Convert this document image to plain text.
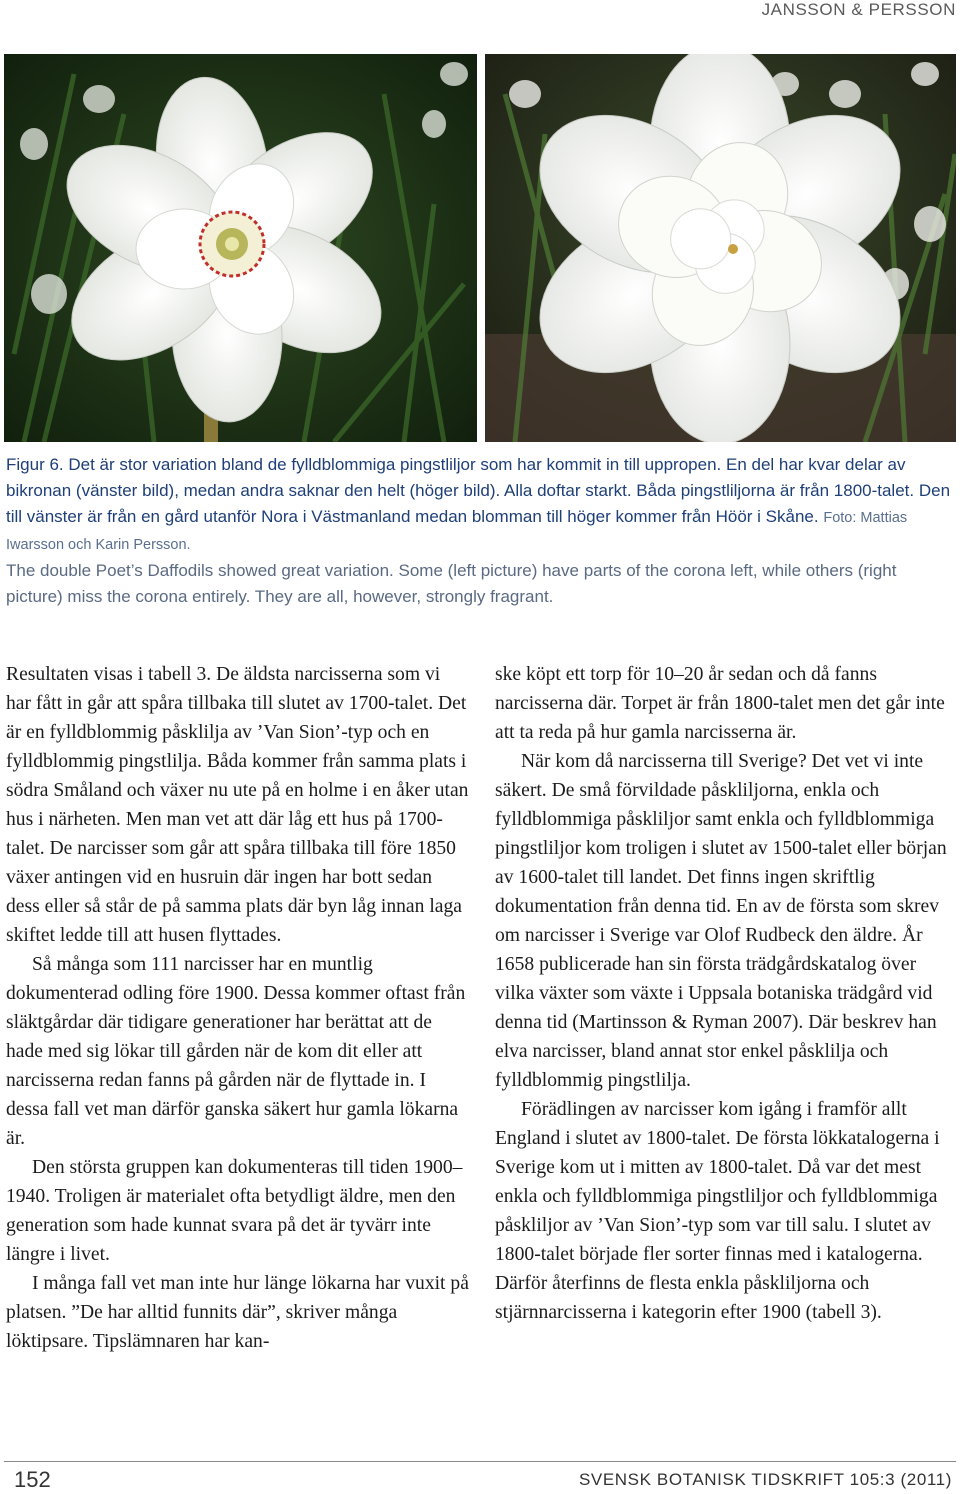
JANSSON & PERSSON

Figur 6. Det är stor variation bland de fylldblommiga pingstliljor som har kommit in till uppropen. En del har kvar delar av bikronan (vänster bild), medan andra saknar den helt (höger bild). Alla doftar starkt. Båda pingstliljorna är från 1800-talet. Den till vänster är från en gård utanför Nora i Västmanland medan blomman till höger kommer från Höör i Skåne. Foto: Mattias Iwarsson och Karin Persson.

The double Poet’s Daffodils showed great variation. Some (left picture) have parts of the corona left, while others (right picture) miss the corona entirely. They are all, however, strongly fragrant.

Resultaten visas i tabell 3. De äldsta narcisserna som vi har fått in går att spåra tillbaka till slutet av 1700-talet. Det är en fylldblommig påsklilja av ’Van Sion’-typ och en fylldblommig pingstlilja. Båda kommer från samma plats i södra Småland och växer nu ute på en holme i en åker utan hus i närheten. Men man vet att där låg ett hus på 1700-talet. De narcisser som går att spåra tillbaka till före 1850 växer antingen vid en husruin där ingen har bott sedan dess eller så står de på samma plats där byn låg innan laga skiftet ledde till att husen flyttades.

Så många som 111 narcisser har en muntlig dokumenterad odling före 1900. Dessa kommer oftast från släktgårdar där tidigare generationer har berättat att de hade med sig lökar till gården när de kom dit eller att narcisserna redan fanns på gården när de flyttade in. I dessa fall vet man därför ganska säkert hur gamla lökarna är.

Den största gruppen kan dokumenteras till tiden 1900–1940. Troligen är materialet ofta betydligt äldre, men den generation som hade kunnat svara på det är tyvärr inte längre i livet.

I många fall vet man inte hur länge lökarna har vuxit på platsen. ”De har alltid funnits där”, skriver många löktipsare. Tipslämnaren har kan-

ske köpt ett torp för 10–20 år sedan och då fanns narcisserna där. Torpet är från 1800-talet men det går inte att ta reda på hur gamla narcisserna är.

När kom då narcisserna till Sverige? Det vet vi inte säkert. De små förvildade påskliljorna, enkla och fylldblommiga påskliljor samt enkla och fylldblommiga pingstliljor kom troligen i slutet av 1500-talet eller början av 1600-talet till landet. Det finns ingen skriftlig dokumentation från denna tid. En av de första som skrev om narcisser i Sverige var Olof Rudbeck den äldre. År 1658 publicerade han sin första trädgårdskatalog över vilka växter som växte i Uppsala botaniska trädgård vid denna tid (Martinsson & Ryman 2007). Där beskrev han elva narcisser, bland annat stor enkel påsklilja och fylldblommig pingstlilja.

Förädlingen av narcisser kom igång i framför allt England i slutet av 1800-talet. De första lökkatalogerna i Sverige kom ut i mitten av 1800-talet. Då var det mest enkla och fylldblommiga pingstliljor och fylldblommiga påskliljor av ’Van Sion’-typ som var till salu. I slutet av 1800-talet började fler sorter finnas med i katalogerna. Därför återfinns de flesta enkla påskliljorna och stjärnnarcisserna i kategorin efter 1900 (tabell 3).

152	SVENSK BOTANISK TIDSKRIFT 105:3 (2011)
